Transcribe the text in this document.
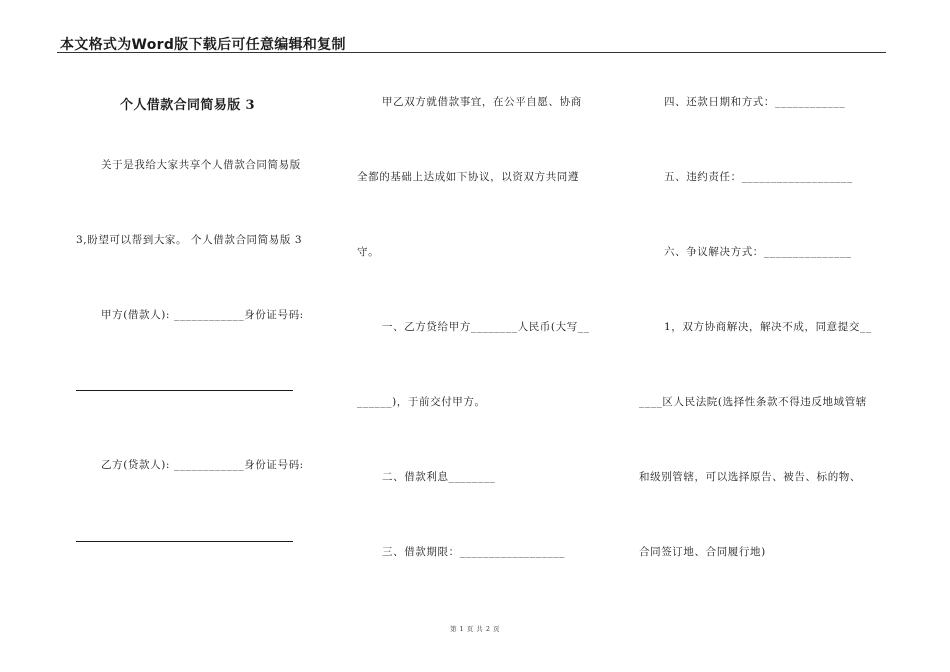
本文格式为Word版下载后可任意编辑和复制
个人借款合同简易版 3
关于是我给大家共享个人借款合同简易版
3,盼望可以帮到大家。 个人借款合同简易版 3
甲方(借款人): ____________身份证号码:
乙方(贷款人): ____________身份证号码:
甲乙双方就借款事宜，在公平自愿、协商
全都的基础上达成如下协议，以资双方共同遵
守。
一、乙方贷给甲方________人民币(大写__
______)，于前交付甲方。
二、借款利息________
三、借款期限：__________________
四、还款日期和方式：____________
五、违约责任：___________________
六、争议解决方式：_______________
1，双方协商解决，解决不成，同意提交__
____区人民法院(选择性条款不得违反地域管辖
和级别管辖，可以选择原告、被告、标的物、
合同签订地、合同履行地)
第 1 页 共 2 页
